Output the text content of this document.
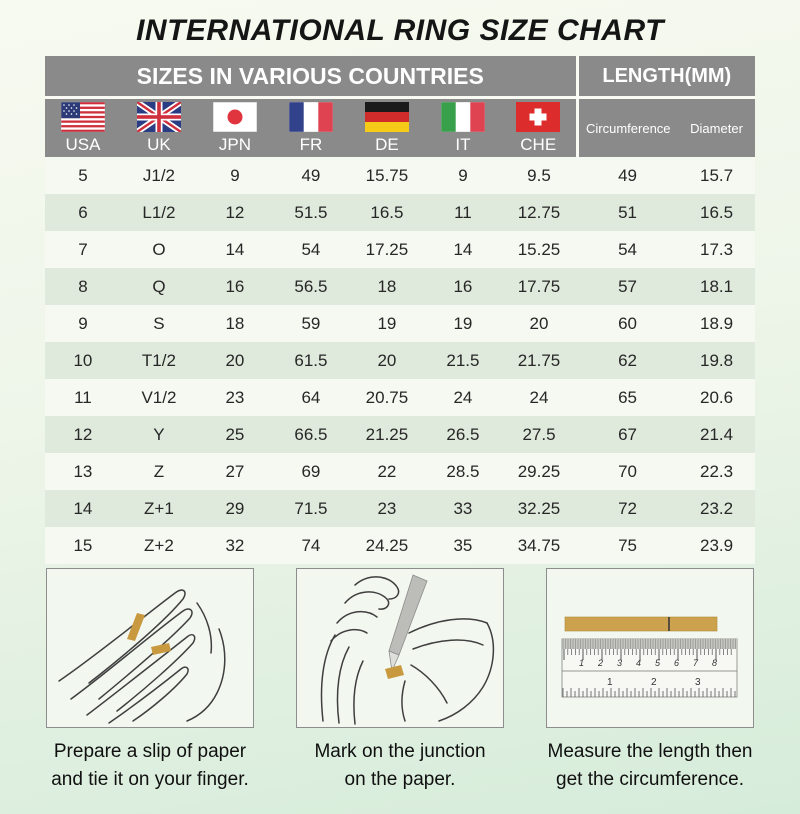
INTERNATIONAL RING SIZE CHART
SIZES IN VARIOUS COUNTRIES							LENGTH(MM)	

USA	UK	JPN	FR	DE	IT	CHE	Circumference	Diameter
5	J1/2	9	49	15.75	9	9.5	49	15.7
6	L1/2	12	51.5	16.5	11	12.75	51	16.5
7	O	14	54	17.25	14	15.25	54	17.3
8	Q	16	56.5	18	16	17.75	57	18.1
9	S	18	59	19	19	20	60	18.9
10	T1/2	20	61.5	20	21.5	21.75	62	19.8
11	V1/2	23	64	20.75	24	24	65	20.6
12	Y	25	66.5	21.25	26.5	27.5	67	21.4
13	Z	27	69	22	28.5	29.25	70	22.3
14	Z+1	29	71.5	23	33	32.25	72	23.2
15	Z+2	32	74	24.25	35	34.75	75	23.9
Prepare a slip of paper
and tie it on your finger.
Mark on the junction
on the paper.
1 2 3 4 5 6 7 8
1	2	3
Measure the length then
get the circumference.
